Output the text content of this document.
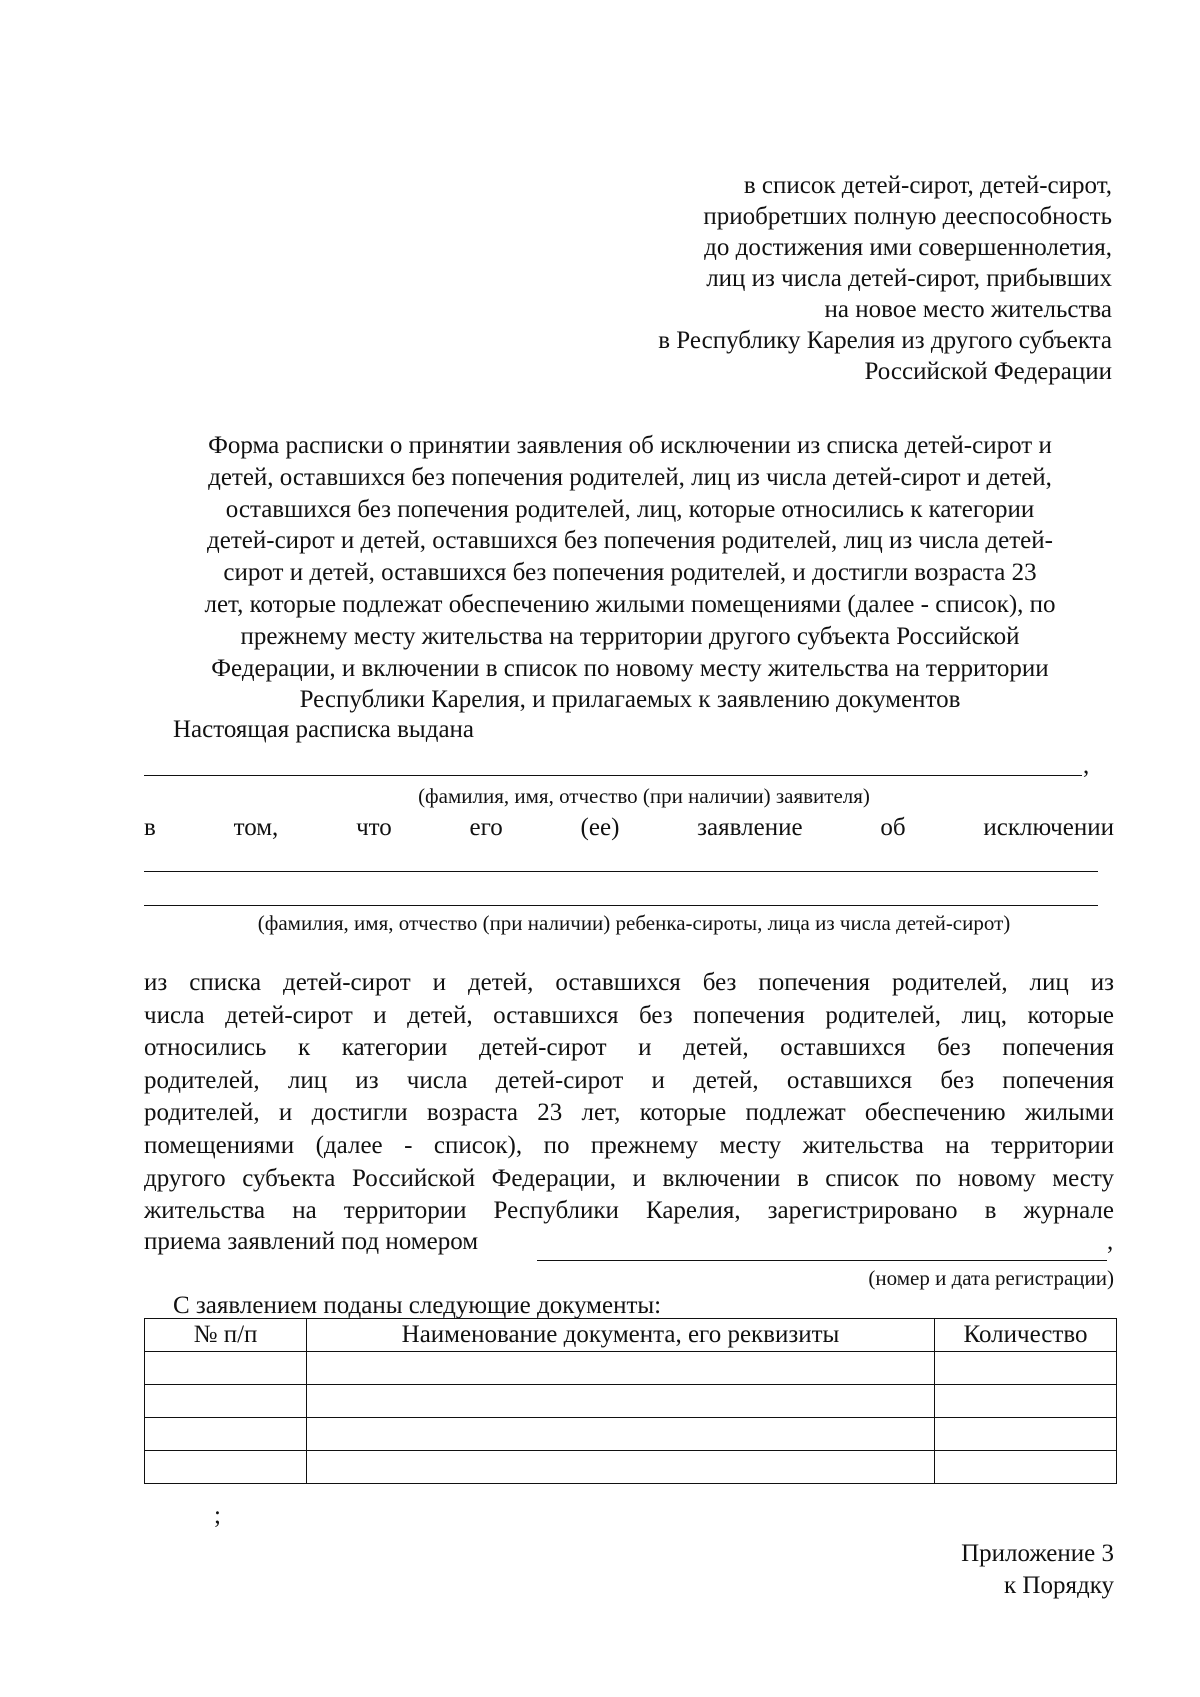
в список детей-сирот, детей-сирот,
приобретших полную дееспособность
до достижения ими совершеннолетия,
лиц из числа детей-сирот, прибывших
на новое место жительства
в Республику Карелия из другого субъекта
Российской Федерации
Форма расписки о принятии заявления об исключении из списка детей-сирот и
детей, оставшихся без попечения родителей, лиц из числа детей-сирот и детей,
оставшихся без попечения родителей, лиц, которые относились к категории
детей-сирот и детей, оставшихся без попечения родителей, лиц из числа детей-
сирот и детей, оставшихся без попечения родителей, и достигли возраста 23
лет, которые подлежат обеспечению жилыми помещениями (далее - список), по
прежнему месту жительства на территории другого субъекта Российской
Федерации, и включении в список по новому месту жительства на территории
Республики Карелия, и прилагаемых к заявлению документов
Настоящая расписка выдана
,
(фамилия, имя, отчество (при наличии) заявителя)
в	том,	что	его	(ее)	заявление	об	исключении
(фамилия, имя, отчество (при наличии) ребенка-сироты, лица из числа детей-сирот)
из списка детей-сирот и детей, оставшихся без попечения родителей, лиц из
числа детей-сирот и детей, оставшихся без попечения родителей, лиц, которые
относились к категории детей-сирот и детей, оставшихся без попечения
родителей, лиц из числа детей-сирот и детей, оставшихся без попечения
родителей, и достигли возраста 23 лет, которые подлежат обеспечению жилыми
помещениями (далее - список), по прежнему месту жительства на территории
другого субъекта Российской Федерации, и включении в список по новому месту
жительства на территории Республики Карелия, зарегистрировано в журнале
приема заявлений под номером	,
(номер и дата регистрации)
С заявлением поданы следующие документы:
№ п/п	Наименование документа, его реквизиты	Количество

;
Приложение 3
к Порядку
